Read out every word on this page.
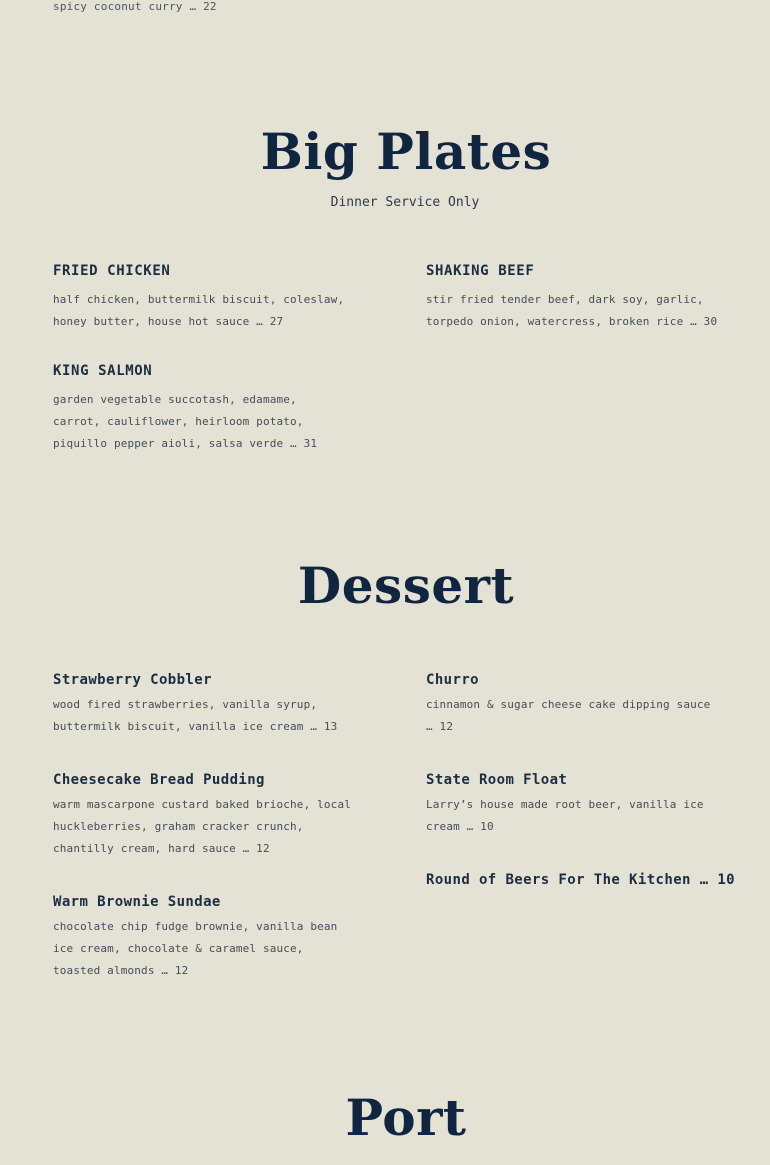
spicy coconut curry … 22
Big Plates
Dinner Service Only
FRIED CHICKEN
half chicken, buttermilk biscuit, coleslaw, honey butter, house hot sauce … 27
SHAKING BEEF
stir fried tender beef, dark soy, garlic, torpedo onion, watercress, broken rice … 30
KING SALMON
garden vegetable succotash, edamame, carrot, cauliflower, heirloom potato, piquillo pepper aioli, salsa verde … 31
Dessert
Strawberry Cobbler
wood fired strawberries, vanilla syrup, buttermilk biscuit, vanilla ice cream … 13
Churro
cinnamon & sugar cheese cake dipping sauce … 12
Cheesecake Bread Pudding
warm mascarpone custard baked brioche, local huckleberries, graham cracker crunch, chantilly cream, hard sauce … 12
State Room Float
Larry’s house made root beer, vanilla ice cream … 10
Warm Brownie Sundae
chocolate chip fudge brownie, vanilla bean ice cream, chocolate & caramel sauce, toasted almonds … 12
Round of Beers For The Kitchen … 10
Port
